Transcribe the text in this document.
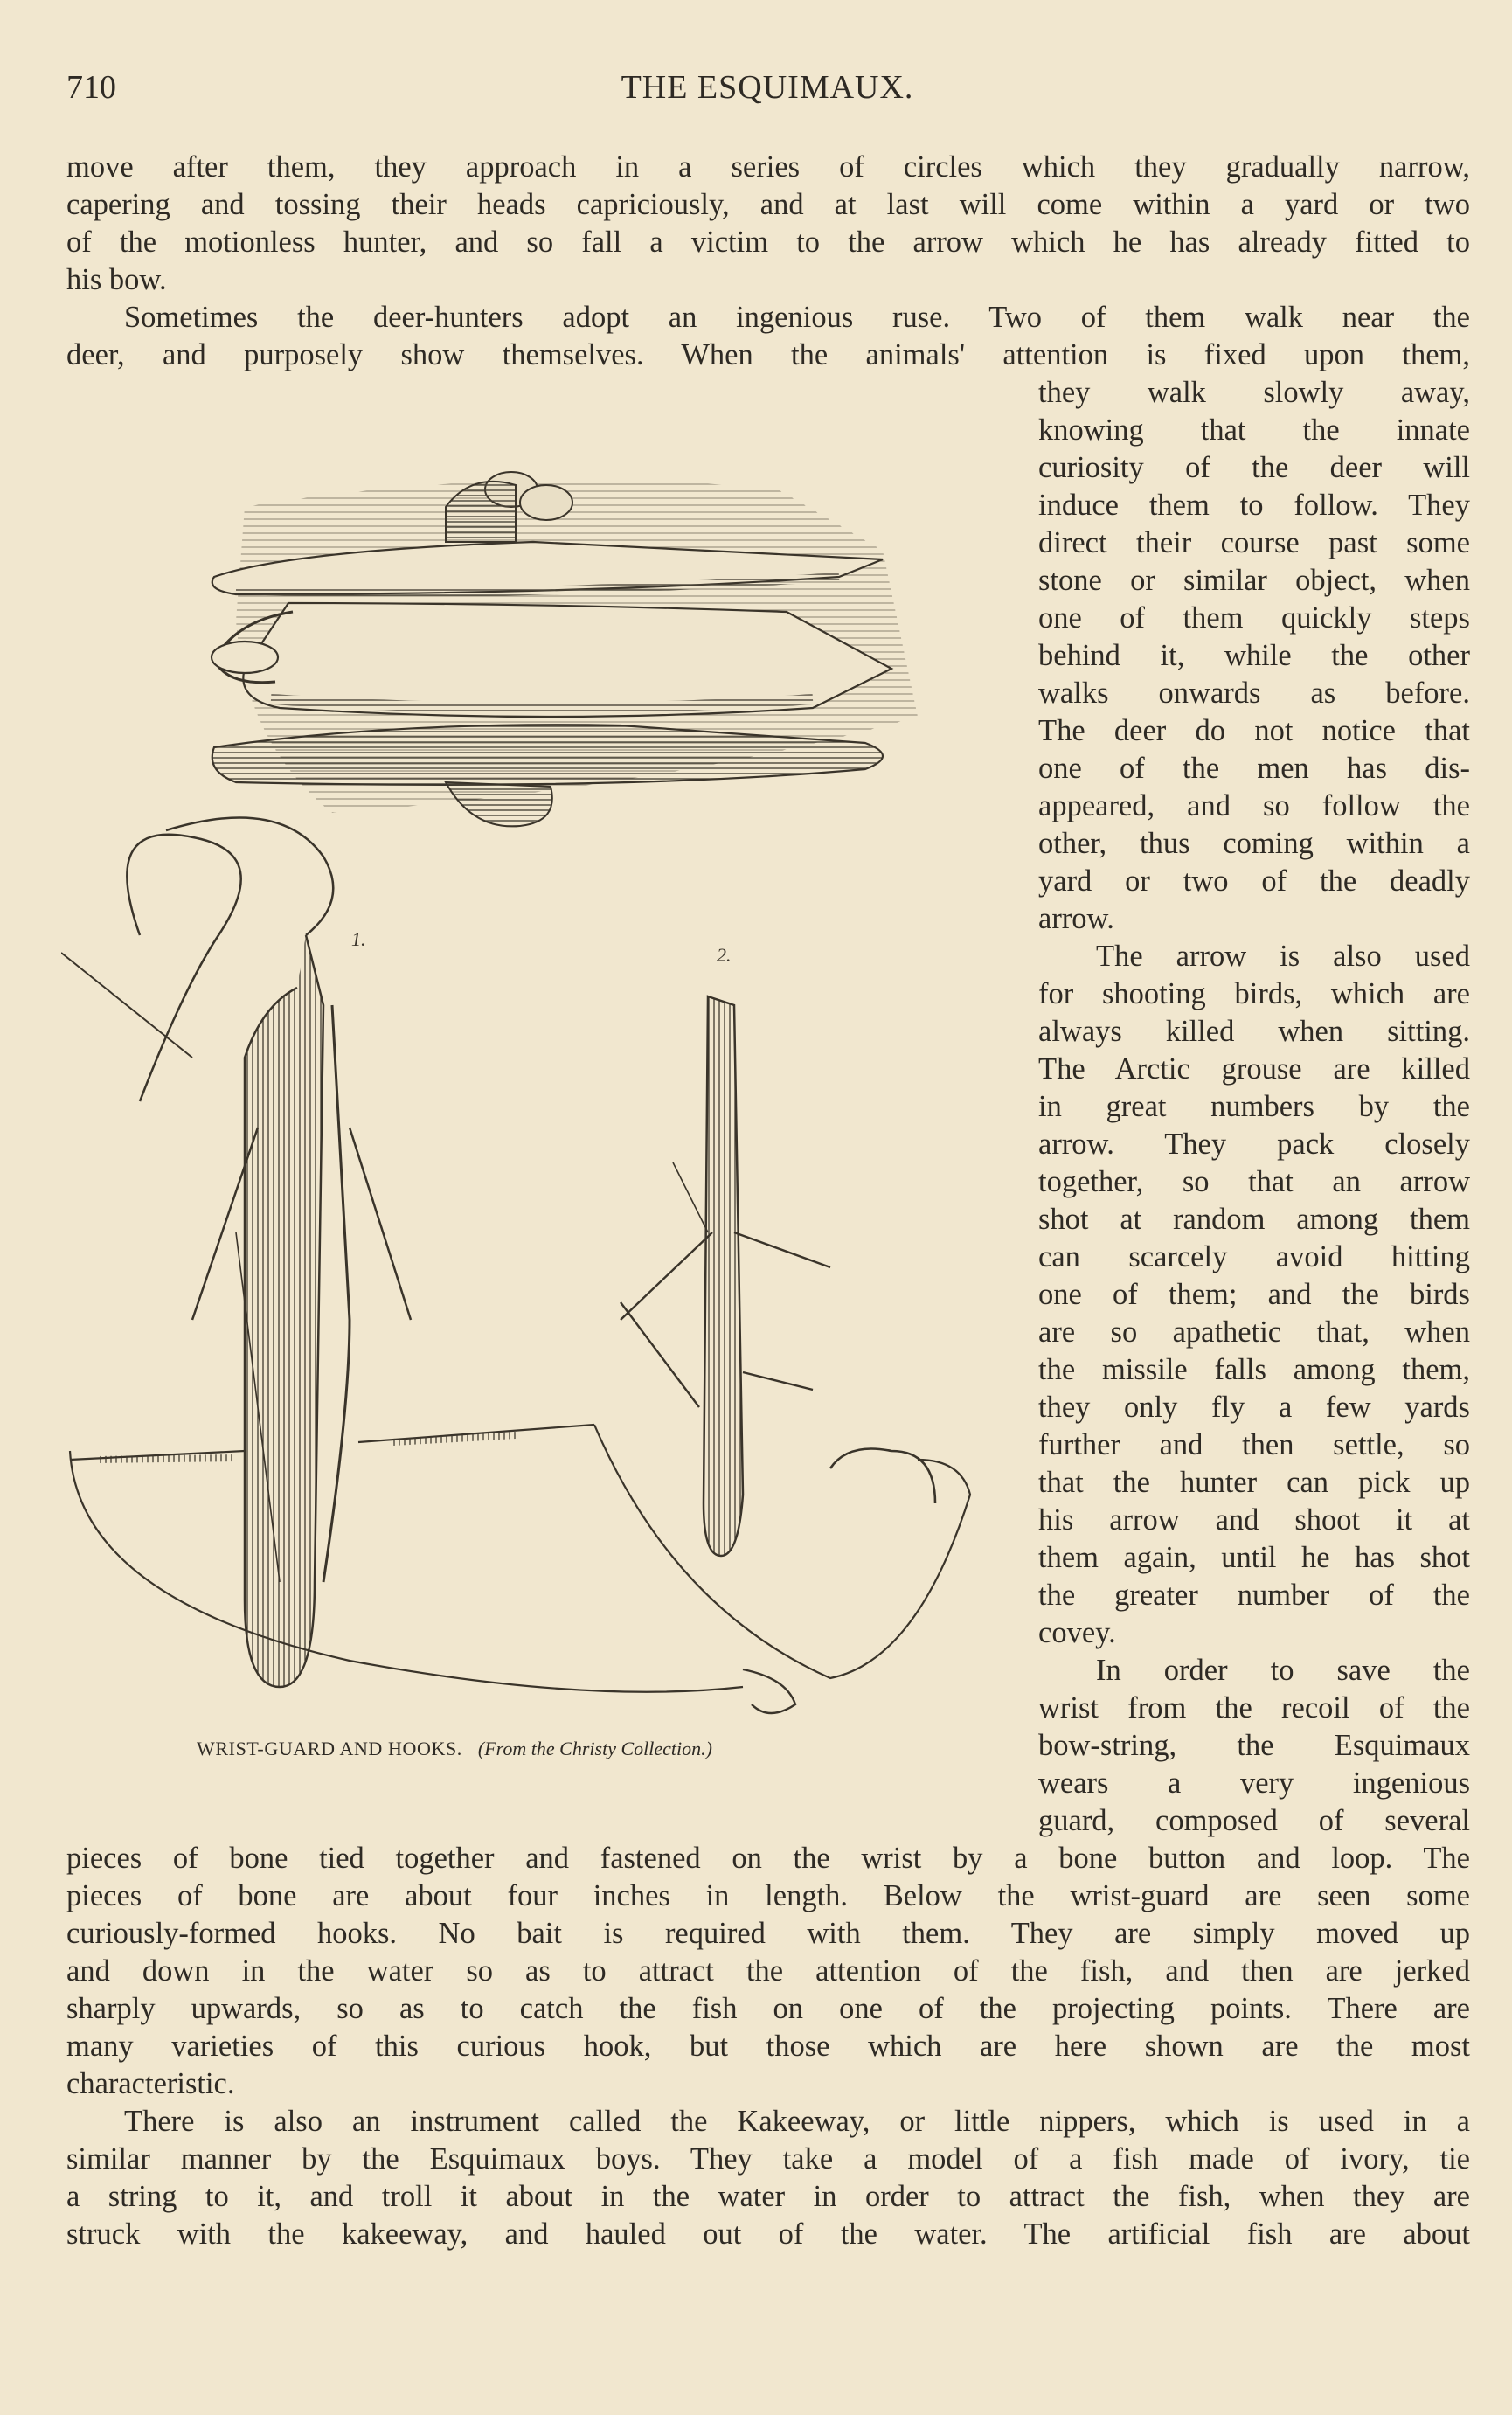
710	THE ESQUIMAUX.
move after them, they approach in a series of circles which they gradually narrow,
capering and tossing their heads capriciously, and at last will come within a yard or two
of the motionless hunter, and so fall a victim to the arrow which he has already fitted to
his bow.
Sometimes the deer-hunters adopt an ingenious ruse. Two of them walk near the
deer, and purposely show themselves. When the animals' attention is fixed upon them,
they walk slowly away,
knowing that the innate
curiosity of the deer will
induce them to follow. They
direct their course past some
stone or similar object, when
one of them quickly steps
behind it, while the other
walks onwards as before.
The deer do not notice that
one of the men has dis-
appeared, and so follow the
other, thus coming within a
yard or two of the deadly
arrow.
The arrow is also used
for shooting birds, which are
always killed when sitting.
The Arctic grouse are killed
in great numbers by the
arrow. They pack closely
together, so that an arrow
shot at random among them
can scarcely avoid hitting
one of them; and the birds
are so apathetic that, when
the missile falls among them,
they only fly a few yards
further and then settle, so
that the hunter can pick up
his arrow and shoot it at
them again, until he has shot
the greater number of the
covey.
In order to save the
wrist from the recoil of the
bow-string, the Esquimaux
wears a very ingenious
guard, composed of several
pieces of bone tied together and fastened on the wrist by a bone button and loop. The
pieces of bone are about four inches in length. Below the wrist-guard are seen some
curiously-formed hooks. No bait is required with them. They are simply moved up
and down in the water so as to attract the attention of the fish, and then are jerked
sharply upwards, so as to catch the fish on one of the projecting points. There are
many varieties of this curious hook, but those which are here shown are the most
characteristic.
There is also an instrument called the Kakeeway, or little nippers, which is used in a
similar manner by the Esquimaux boys. They take a model of a fish made of ivory, tie
a string to it, and troll it about in the water in order to attract the fish, when they are
struck with the kakeeway, and hauled out of the water. The artificial fish are about
1.
2.
WRIST-GUARD AND HOOKS. (From the Christy Collection.)
